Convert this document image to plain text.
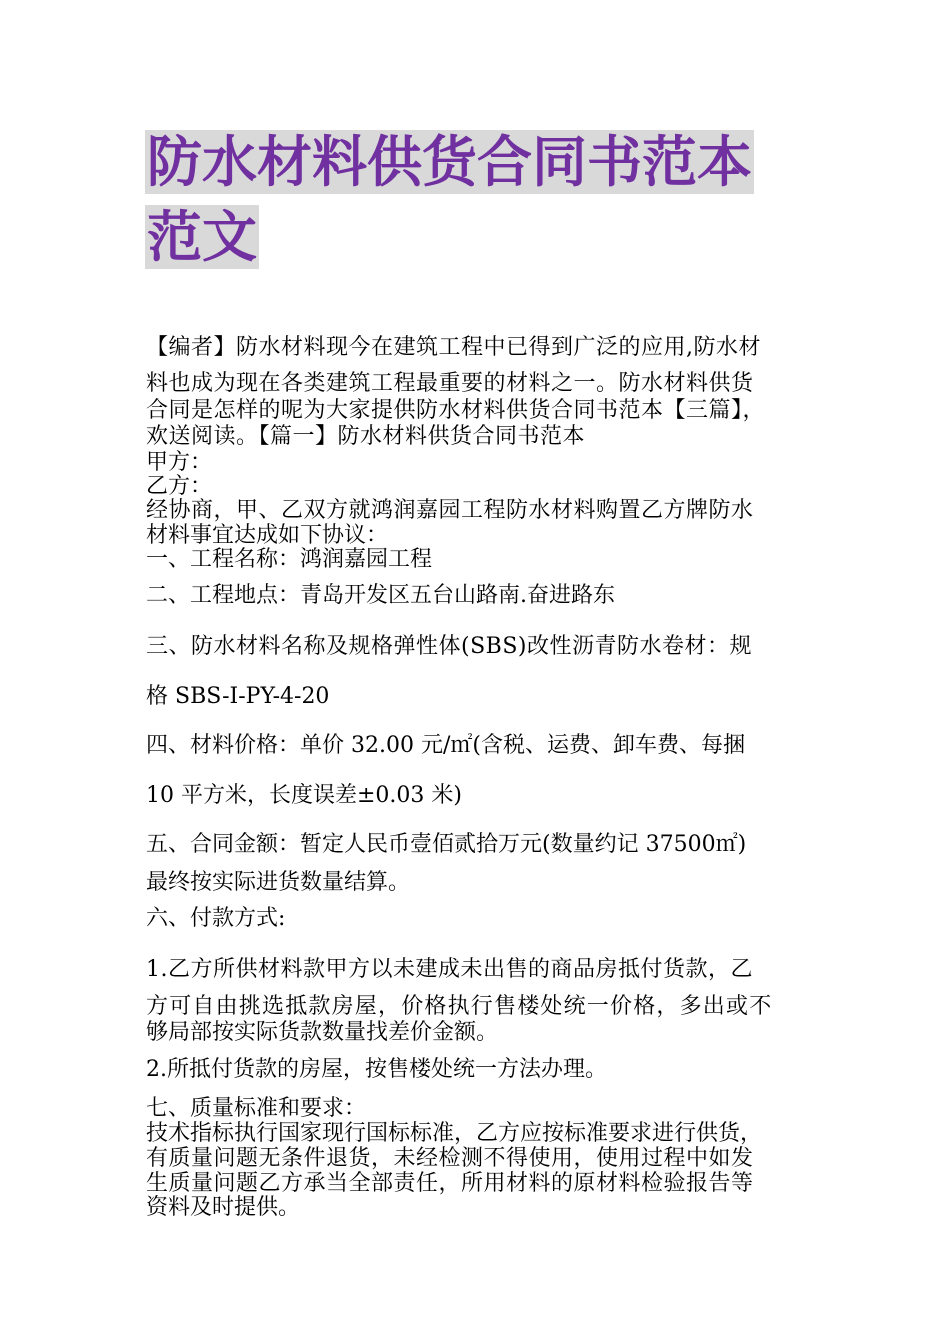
防水材料供货合同书范本
范文

【编者】防水材料现今在建筑工程中已得到广泛的应用,防水材

料也成为现在各类建筑工程最重要的材料之一。防水材料供货

合同是怎样的呢为大家提供防水材料供货合同书范本【三篇】，

欢送阅读。【篇一】防水材料供货合同书范本

甲方：

乙方：

经协商，甲、乙双方就鸿润嘉园工程防水材料购置乙方牌防水

材料事宜达成如下协议：

一、工程名称：鸿润嘉园工程

二、工程地点：青岛开发区五台山路南.奋进路东

三、防水材料名称及规格弹性体(SBS)改性沥青防水卷材：规

格 SBS-I-PY-4-20

四、材料价格：单价 32.00 元/㎡(含税、运费、卸车费、每捆

10 平方米，长度误差±0.03 米)

五、合同金额：暂定人民币壹佰贰拾万元(数量约记 37500㎡)

最终按实际进货数量结算。

六、付款方式:

1.乙方所供材料款甲方以未建成未出售的商品房抵付货款，乙

方可自由挑选抵款房屋，价格执行售楼处统一价格，多出或不

够局部按实际货款数量找差价金额。

2.所抵付货款的房屋，按售楼处统一方法办理。

七、质量标准和要求：

技术指标执行国家现行国标标准，乙方应按标准要求进行供货，

有质量问题无条件退货，未经检测不得使用，使用过程中如发

生质量问题乙方承当全部责任，所用材料的原材料检验报告等

资料及时提供。
